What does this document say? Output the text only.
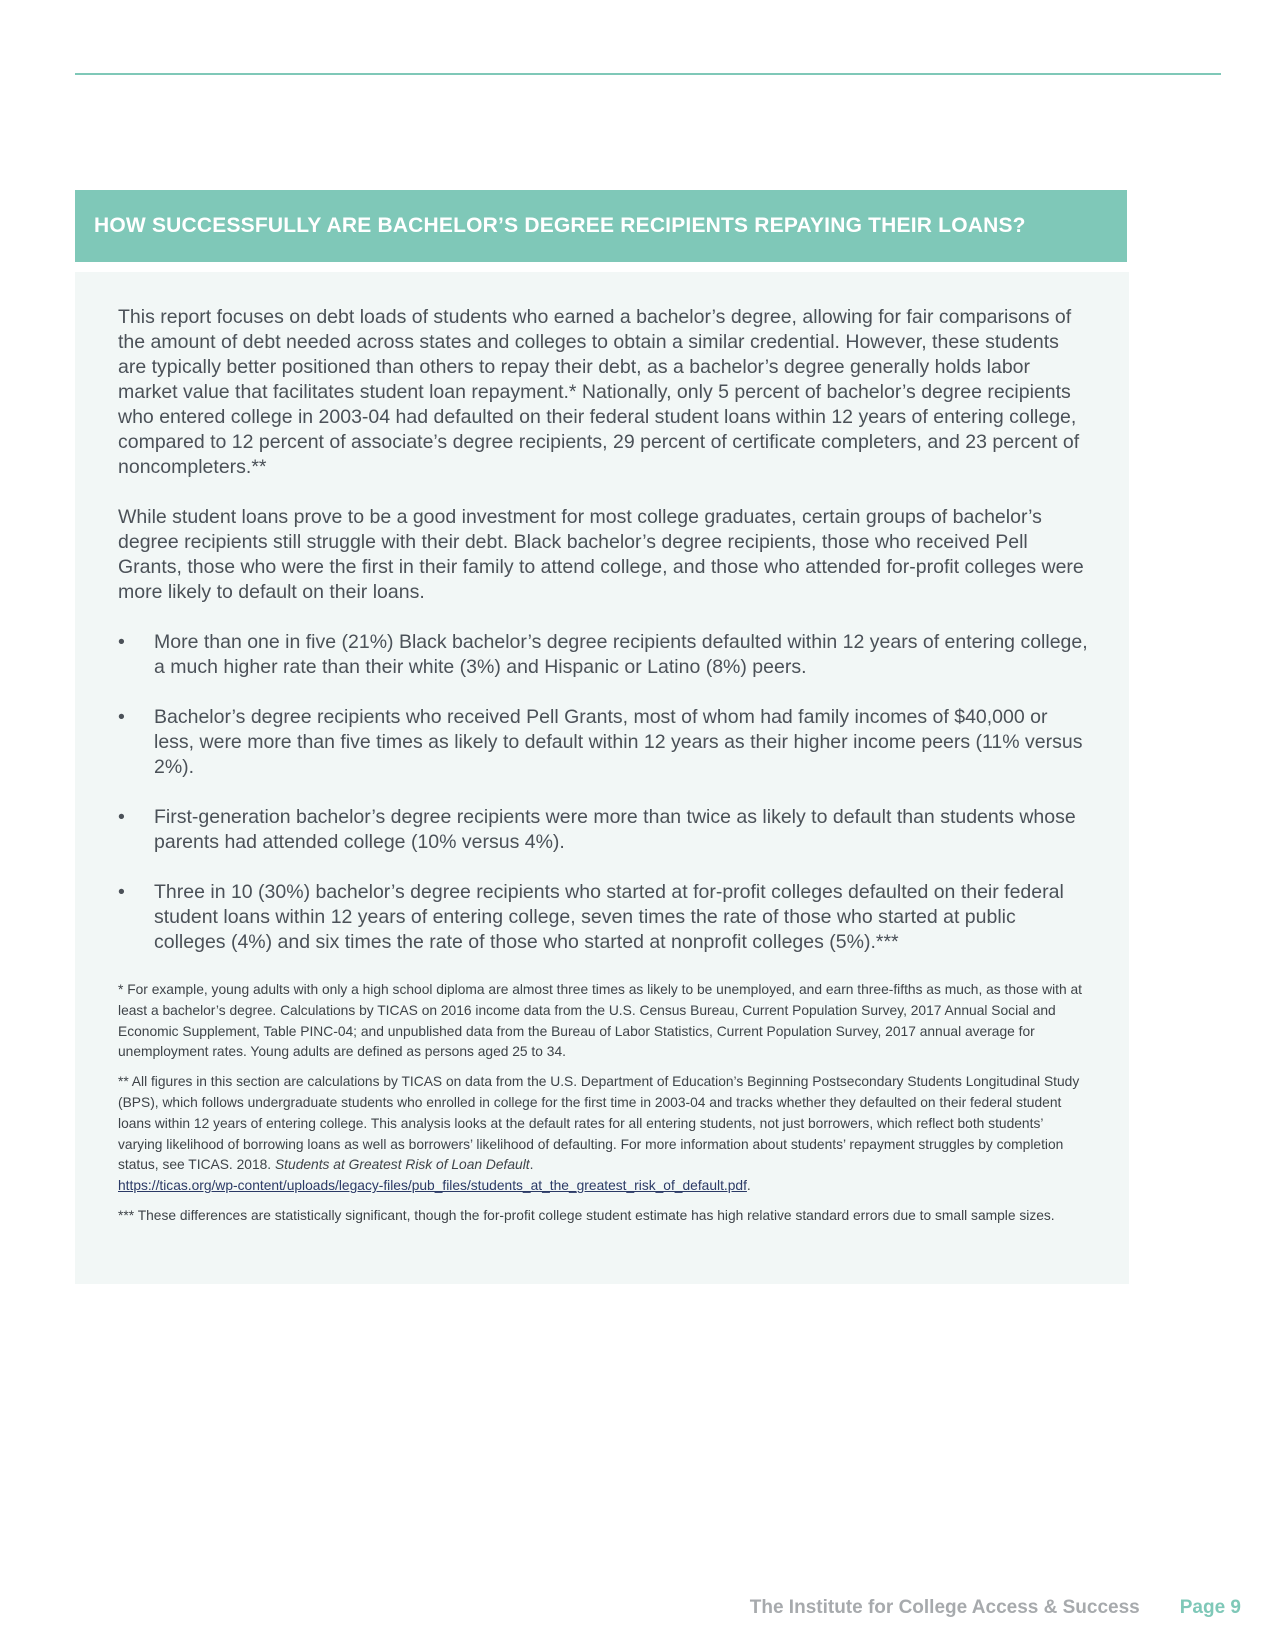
HOW SUCCESSFULLY ARE BACHELOR’S DEGREE RECIPIENTS REPAYING THEIR LOANS?

This report focuses on debt loads of students who earned a bachelor’s degree, allowing for fair comparisons of the amount of debt needed across states and colleges to obtain a similar credential. However, these students are typically better positioned than others to repay their debt, as a bachelor’s degree generally holds labor market value that facilitates student loan repayment.* Nationally, only 5 percent of bachelor’s degree recipients who entered college in 2003-04 had defaulted on their federal student loans within 12 years of entering college, compared to 12 percent of associate’s degree recipients, 29 percent of certificate completers, and 23 percent of noncompleters.**

While student loans prove to be a good investment for most college graduates, certain groups of bachelor’s degree recipients still struggle with their debt. Black bachelor’s degree recipients, those who received Pell Grants, those who were the first in their family to attend college, and those who attended for-profit colleges were more likely to default on their loans.

• More than one in five (21%) Black bachelor’s degree recipients defaulted within 12 years of entering college, a much higher rate than their white (3%) and Hispanic or Latino (8%) peers.
• Bachelor’s degree recipients who received Pell Grants, most of whom had family incomes of $40,000 or less, were more than five times as likely to default within 12 years as their higher income peers (11% versus 2%).
• First-generation bachelor’s degree recipients were more than twice as likely to default than students whose parents had attended college (10% versus 4%).
• Three in 10 (30%) bachelor’s degree recipients who started at for-profit colleges defaulted on their federal student loans within 12 years of entering college, seven times the rate of those who started at public colleges (4%) and six times the rate of those who started at nonprofit colleges (5%).***

* For example, young adults with only a high school diploma are almost three times as likely to be unemployed, and earn three-fifths as much, as those with at least a bachelor’s degree. Calculations by TICAS on 2016 income data from the U.S. Census Bureau, Current Population Survey, 2017 Annual Social and Economic Supplement, Table PINC-04; and unpublished data from the Bureau of Labor Statistics, Current Population Survey, 2017 annual average for unemployment rates. Young adults are defined as persons aged 25 to 34.

** All figures in this section are calculations by TICAS on data from the U.S. Department of Education’s Beginning Postsecondary Students Longitudinal Study (BPS), which follows undergraduate students who enrolled in college for the first time in 2003-04 and tracks whether they defaulted on their federal student loans within 12 years of entering college. This analysis looks at the default rates for all entering students, not just borrowers, which reflect both students’ varying likelihood of borrowing loans as well as borrowers’ likelihood of defaulting. For more information about students’ repayment struggles by completion status, see TICAS. 2018. Students at Greatest Risk of Loan Default.
https://ticas.org/wp-content/uploads/legacy-files/pub_files/students_at_the_greatest_risk_of_default.pdf.

*** These differences are statistically significant, though the for-profit college student estimate has high relative standard errors due to small sample sizes.

The Institute for College Access & Success Page 9
